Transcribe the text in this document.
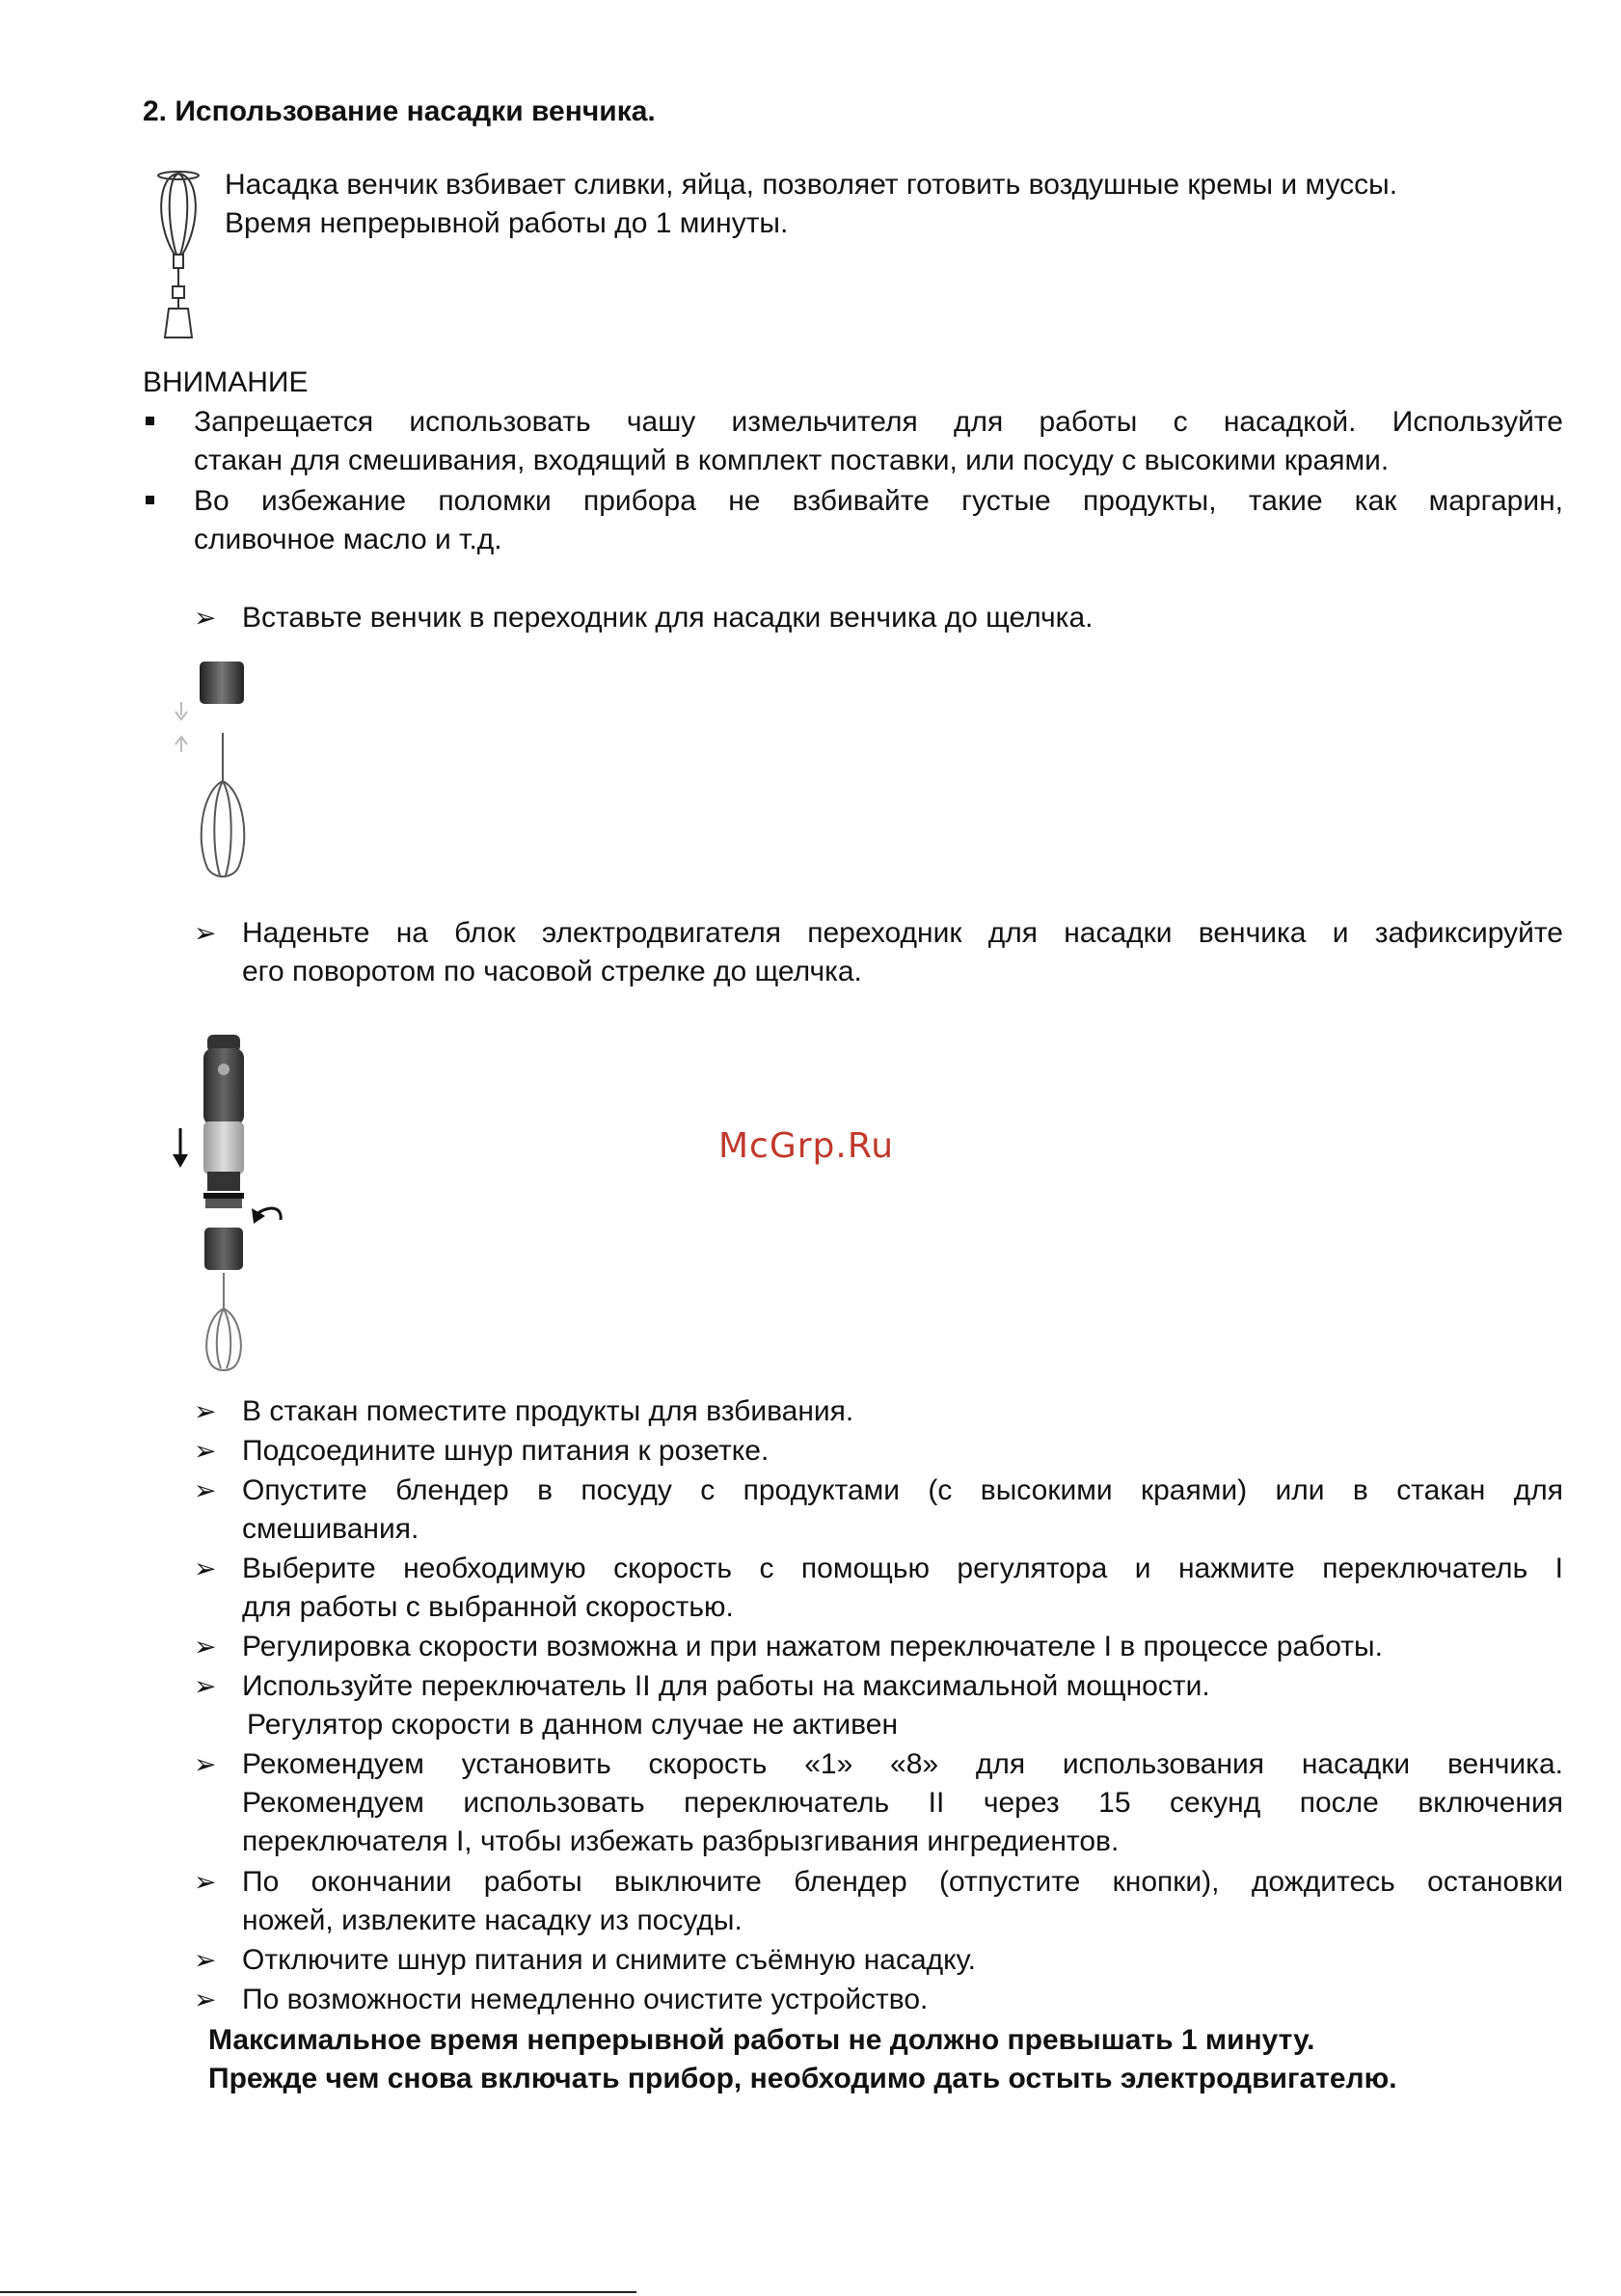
2. Использование насадки венчика.
Насадка венчик взбивает сливки, яйца, позволяет готовить воздушные кремы и муссы.
Время непрерывной работы до 1 минуты.
ВНИМАНИЕ
Запрещается использовать чашу измельчителя для работы с насадкой. Используйте
стакан для смешивания, входящий в комплект поставки, или посуду с высокими краями.
Во избежание поломки прибора не взбивайте густые продукты, такие как маргарин,
сливочное масло и т.д.
➢ Вставьте венчик в переходник для насадки венчика до щелчка.
➢ Наденьте на блок электродвигателя переходник для насадки венчика и зафиксируйте
его поворотом по часовой стрелке до щелчка.
McGrp.Ru
➢ В стакан поместите продукты для взбивания.
➢ Подсоедините шнур питания к розетке.
➢ Опустите блендер в посуду с продуктами (с высокими краями) или в стакан для
смешивания.
➢ Выберите необходимую скорость с помощью регулятора и нажмите переключатель I
для работы с выбранной скоростью.
➢ Регулировка скорости возможна и при нажатом переключателе I в процессе работы.
➢ Используйте переключатель II для работы на максимальной мощности.
Регулятор скорости в данном случае не активен
➢ Рекомендуем установить скорость «1» «8» для использования насадки венчика.
Рекомендуем использовать переключатель II через 15 секунд после включения
переключателя I, чтобы избежать разбрызгивания ингредиентов.
➢ По окончании работы выключите блендер (отпустите кнопки), дождитесь остановки
ножей, извлеките насадку из посуды.
➢ Отключите шнур питания и снимите съёмную насадку.
➢ По возможности немедленно очистите устройство.
Максимальное время непрерывной работы не должно превышать 1 минуту.
Прежде чем снова включать прибор, необходимо дать остыть электродвигателю.
